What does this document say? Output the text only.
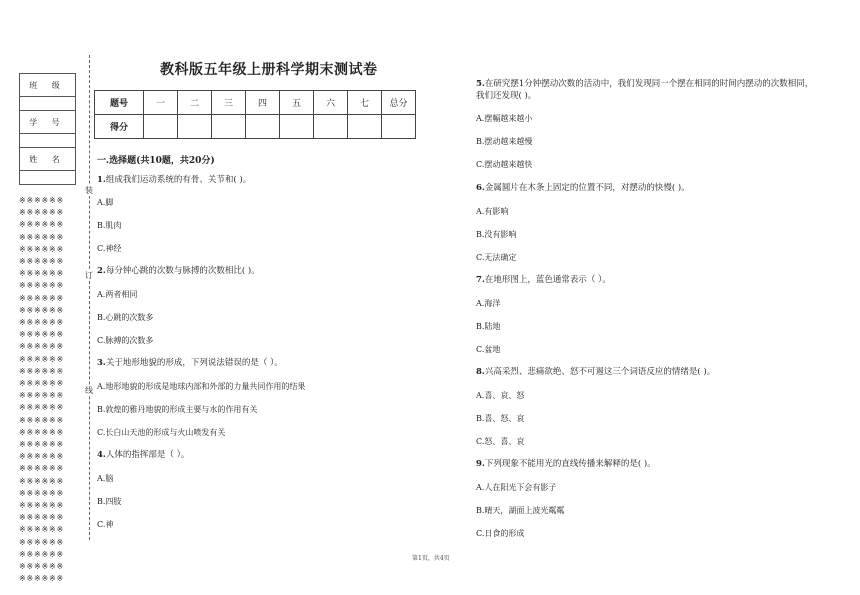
班 级

学 号

姓 名

※※※※※※
※※※※※※
※※※※※※
※※※※※※
※※※※※※
※※※※※※
※※※※※※
※※※※※※
※※※※※※
※※※※※※
※※※※※※
※※※※※※
※※※※※※
※※※※※※
※※※※※※
※※※※※※
※※※※※※
※※※※※※
※※※※※※
※※※※※※
※※※※※※
※※※※※※
※※※※※※
※※※※※※
※※※※※※
※※※※※※
※※※※※※
※※※※※※
※※※※※※
※※※※※※
※※※※※※
※※※※※※
装
订
线
教科版五年级上册科学期末测试卷
题号	一	二	三	四	五	六	七	总分
得分								
一.选择题(共10题，共20分)
1.组成我们运动系统的有骨、关节和( )。
A.脚
B.肌肉
C.神经
2.每分钟心跳的次数与脉搏的次数相比( )。
A.两者相同
B.心跳的次数多
C.脉搏的次数多
3.关于地形地貌的形成，下列说法错误的是（ ）。
A.地形地貌的形成是地球内部和外部的力量共同作用的结果
B.敦煌的雅丹地貌的形成主要与水的作用有关
C.长白山天池的形成与火山喷发有关
4.人体的指挥部是（ ）。
A.脑
B.四肢
C.神
5.在研究摆1分钟摆动次数的活动中，我们发现同一个摆在相同的时间内摆动的次数相同，我们还发现( )。
A.摆幅越来越小
B.摆动越来越慢
C.摆动越来越快
6.金属圆片在木条上固定的位置不同，对摆动的快慢( )。
A.有影响
B.没有影响
C.无法确定
7.在地形图上，蓝色通常表示（ ）。
A.海洋
B.陆地
C.盆地
8.兴高采烈、悲痛欲绝、怒不可遏这三个词语反应的情绪是( )。
A.喜、哀、怒
B.喜、怒、哀
C.怒、喜、哀
9.下列现象不能用光的直线传播来解释的是( )。
A.人在阳光下会有影子
B.晴天，湖面上波光粼粼
C.日食的形成
第1页，共4页
